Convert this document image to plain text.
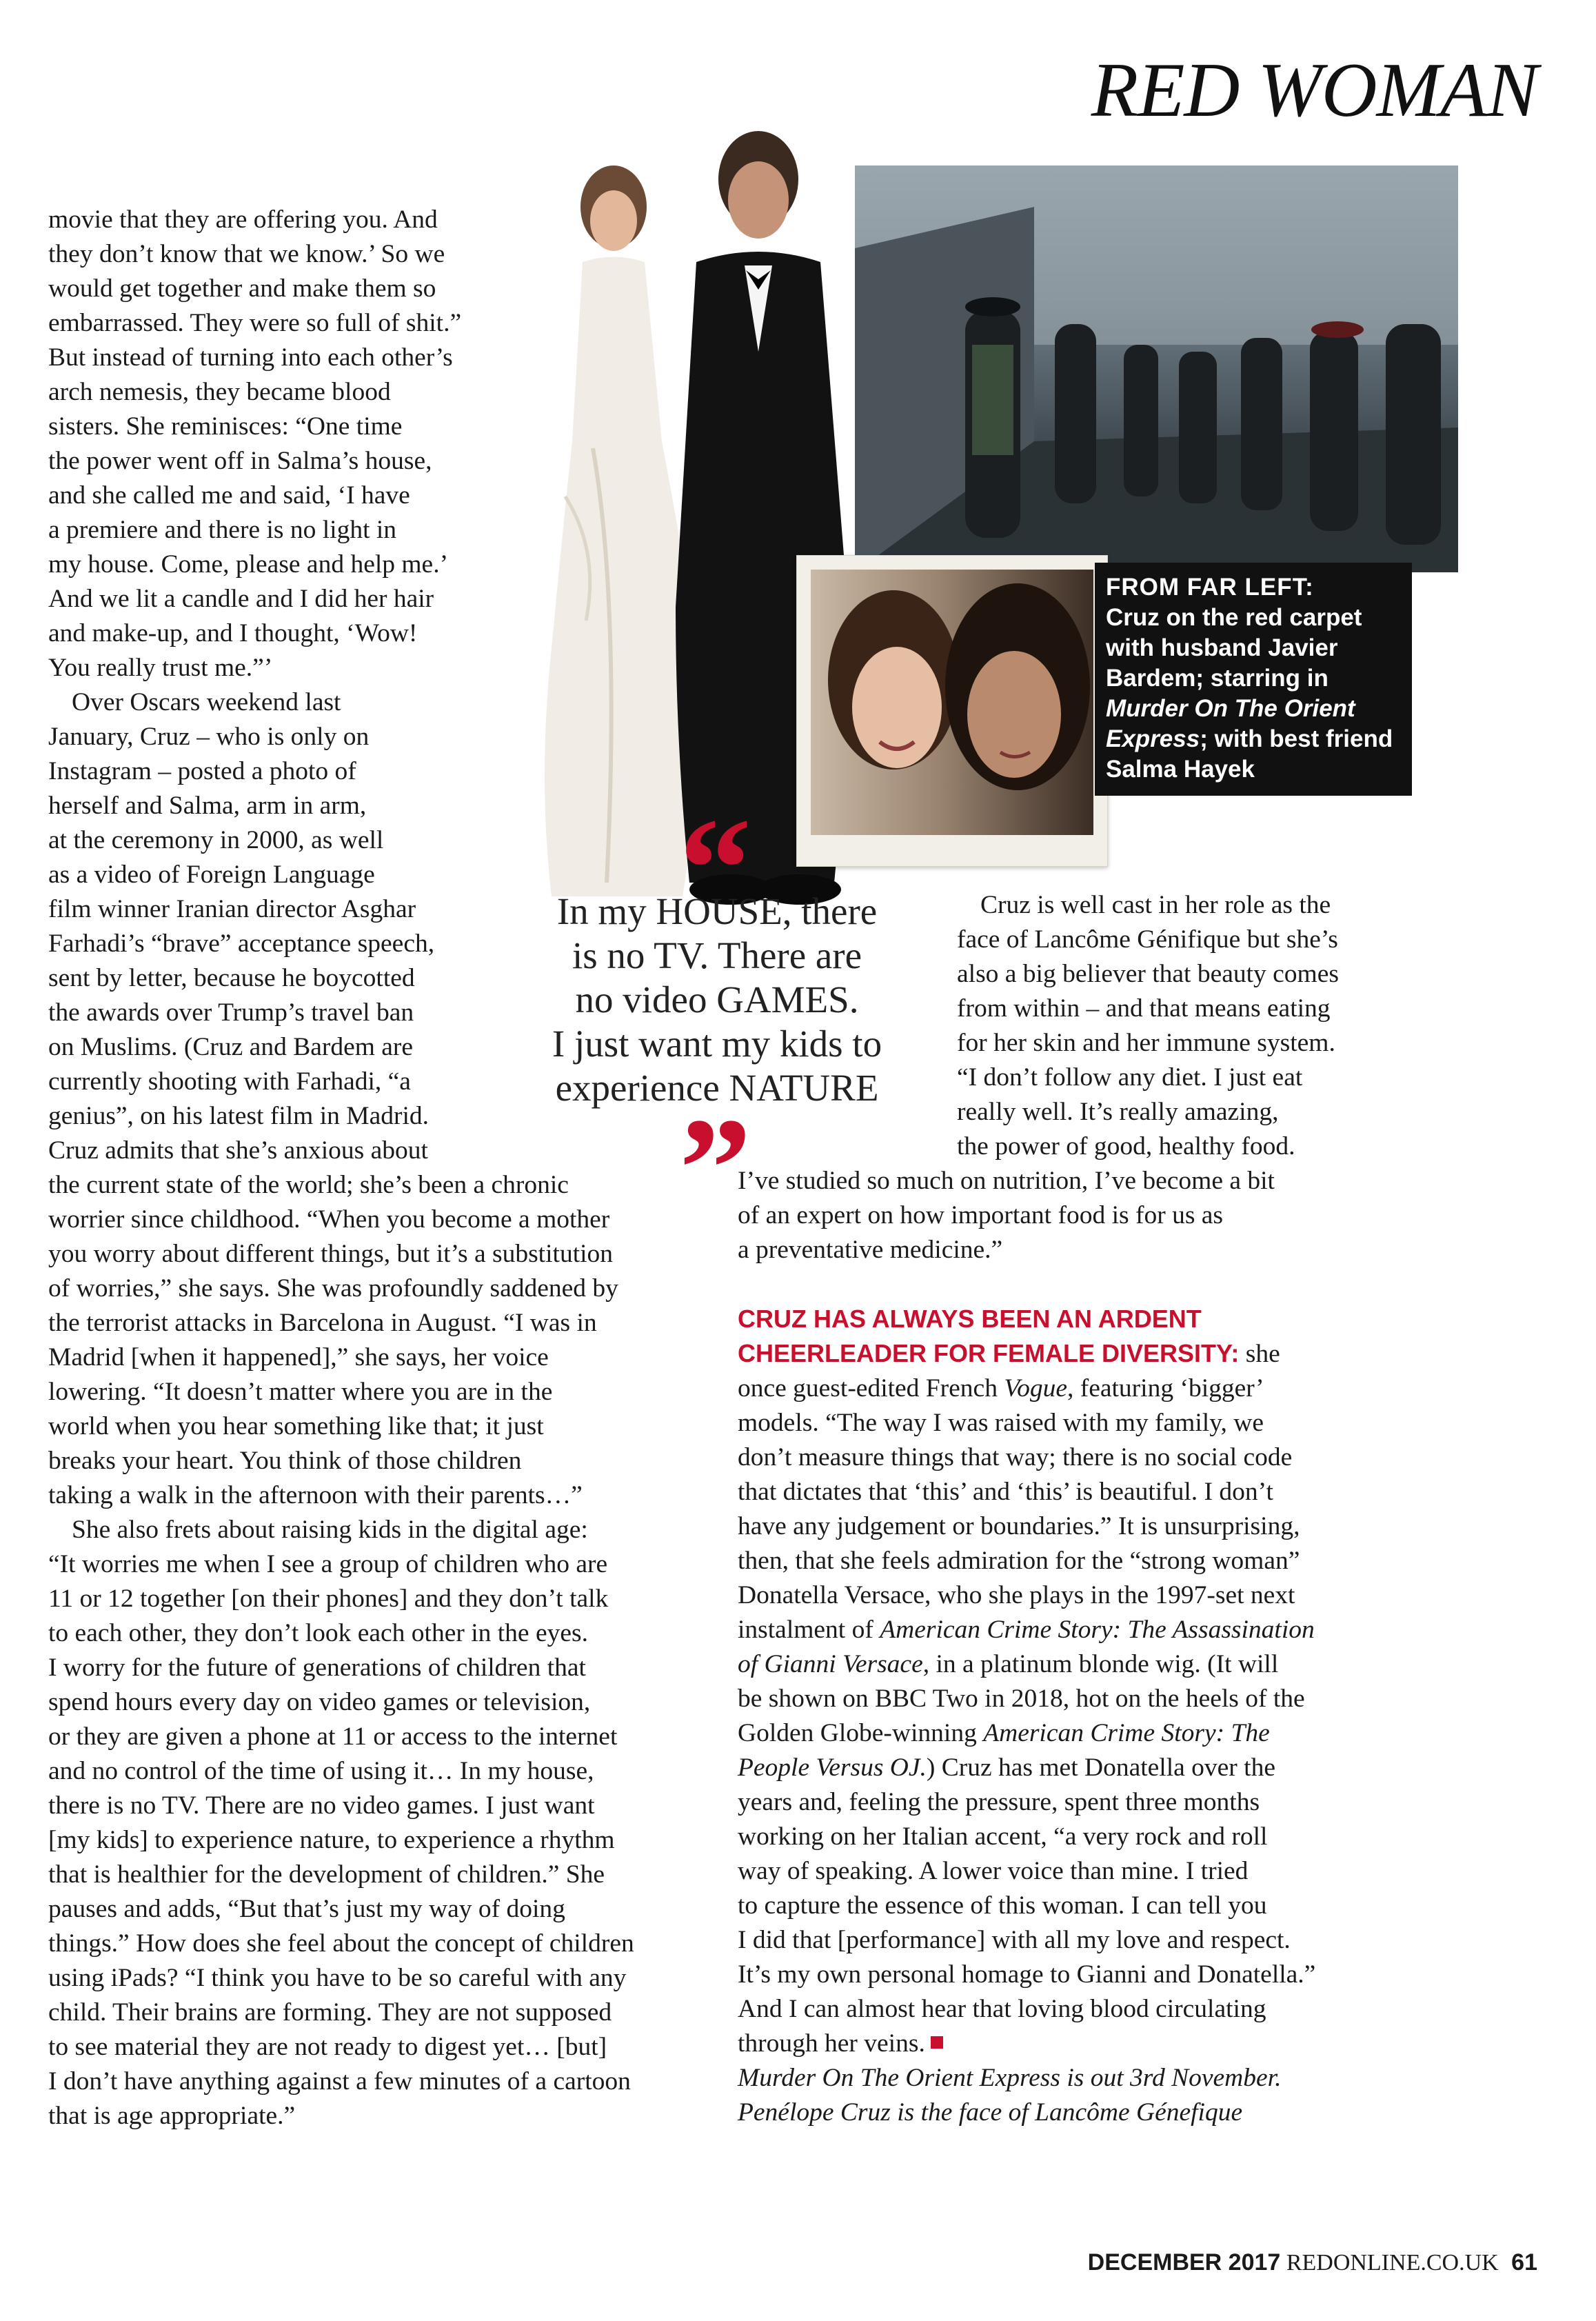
RED WOMAN
movie that they are offering you. And
they don’t know that we know.’ So we
would get together and make them so
embarrassed. They were so full of shit.”
But instead of turning into each other’s
arch nemesis, they became blood
sisters. She reminisces: “One time
the power went off in Salma’s house,
and she called me and said, ‘I have
a premiere and there is no light in
my house. Come, please and help me.’
And we lit a candle and I did her hair
and make-up, and I thought, ‘Wow!
You really trust me.”’
Over Oscars weekend last
January, Cruz – who is only on
Instagram – posted a photo of
herself and Salma, arm in arm,
at the ceremony in 2000, as well
as a video of Foreign Language
film winner Iranian director Asghar
Farhadi’s “brave” acceptance speech,
sent by letter, because he boycotted
the awards over Trump’s travel ban
on Muslims. (Cruz and Bardem are
currently shooting with Farhadi, “a
genius”, on his latest film in Madrid.
Cruz admits that she’s anxious about
the current state of the world; she’s been a chronic
worrier since childhood. “When you become a mother
you worry about different things, but it’s a substitution
of worries,” she says. She was profoundly saddened by
the terrorist attacks in Barcelona in August. “I was in
Madrid [when it happened],” she says, her voice
lowering. “It doesn’t matter where you are in the
world when you hear something like that; it just
breaks your heart. You think of those children
taking a walk in the afternoon with their parents…”
She also frets about raising kids in the digital age:
“It worries me when I see a group of children who are
11 or 12 together [on their phones] and they don’t talk
to each other, they don’t look each other in the eyes.
I worry for the future of generations of children that
spend hours every day on video games or television,
or they are given a phone at 11 or access to the internet
and no control of the time of using it… In my house,
there is no TV. There are no video games. I just want
[my kids] to experience nature, to experience a rhythm
that is healthier for the development of children.” She
pauses and adds, “But that’s just my way of doing
things.” How does she feel about the concept of children
using iPads? “I think you have to be so careful with any
child. Their brains are forming. They are not supposed
to see material they are not ready to digest yet… [but]
I don’t have anything against a few minutes of a cartoon
that is age appropriate.”
FROM FAR LEFT:
Cruz on the red carpet
with husband Javier
Bardem; starring in
Murder On The Orient
Express; with best friend
Salma Hayek
“
In my HOUSE, there
is no TV. There are
no video GAMES.
I just want my kids to
experience NATURE
”
Cruz is well cast in her role as the
face of Lancôme Génifique but she’s
also a big believer that beauty comes
from within – and that means eating
for her skin and her immune system.
“I don’t follow any diet. I just eat
really well. It’s really amazing,
the power of good, healthy food.
I’ve studied so much on nutrition, I’ve become a bit
of an expert on how important food is for us as
a preventative medicine.”
CRUZ HAS ALWAYS BEEN AN ARDENT
CHEERLEADER FOR FEMALE DIVERSITY: she
once guest-edited French Vogue, featuring ‘bigger’
models. “The way I was raised with my family, we
don’t measure things that way; there is no social code
that dictates that ‘this’ and ‘this’ is beautiful. I don’t
have any judgement or boundaries.” It is unsurprising,
then, that she feels admiration for the “strong woman”
Donatella Versace, who she plays in the 1997-set next
instalment of American Crime Story: The Assassination
of Gianni Versace, in a platinum blonde wig. (It will
be shown on BBC Two in 2018, hot on the heels of the
Golden Globe-winning American Crime Story: The
People Versus OJ.) Cruz has met Donatella over the
years and, feeling the pressure, spent three months
working on her Italian accent, “a very rock and roll
way of speaking. A lower voice than mine. I tried
to capture the essence of this woman. I can tell you
I did that [performance] with all my love and respect.
It’s my own personal homage to Gianni and Donatella.”
And I can almost hear that loving blood circulating
through her veins.
Murder On The Orient Express is out 3rd November.
Penélope Cruz is the face of Lancôme Génefique
DECEMBER 2017 REDONLINE.CO.UK 61
